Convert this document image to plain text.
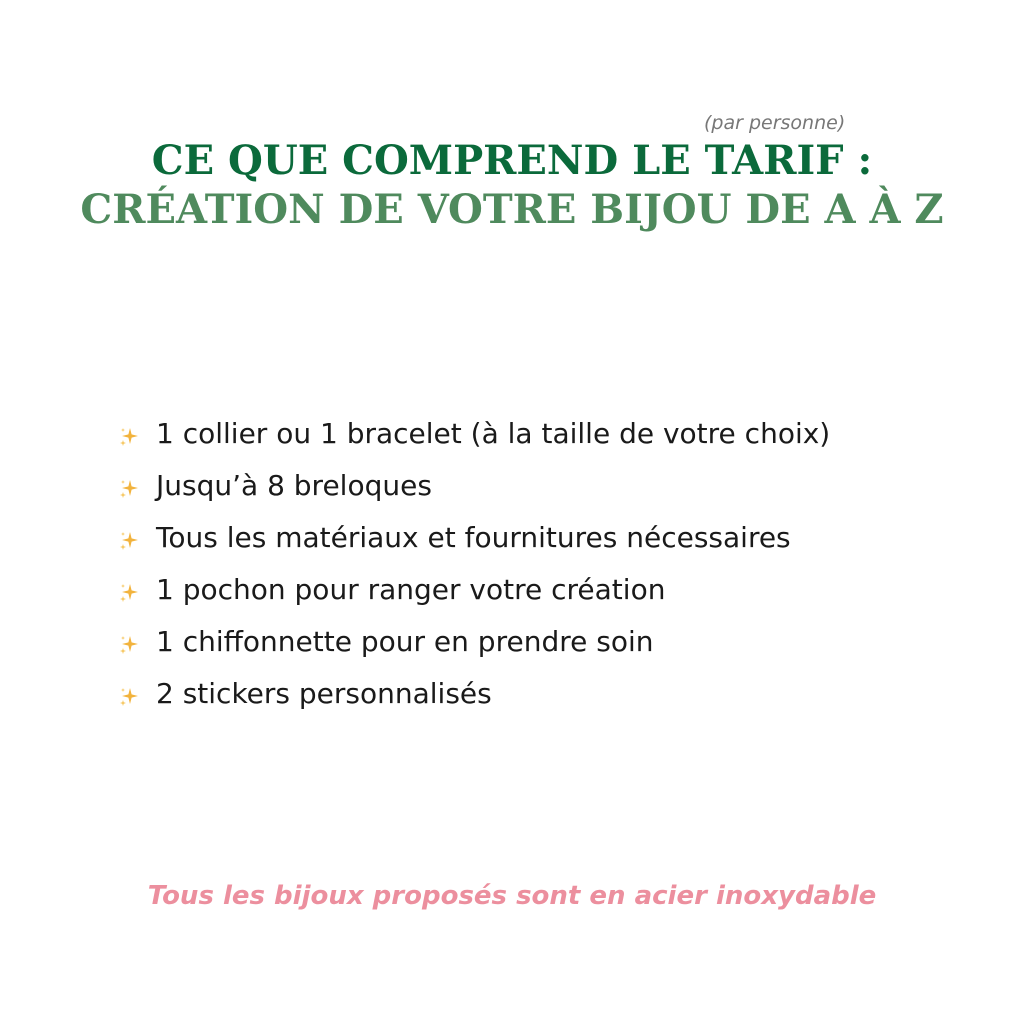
(par personne)
CE QUE COMPREND LE TARIF :
CRÉATION DE VOTRE BIJOU DE A À Z
1 collier ou 1 bracelet (à la taille de votre choix)
Jusqu’à 8 breloques
Tous les matériaux et fournitures nécessaires
1 pochon pour ranger votre création
1 chiffonnette pour en prendre soin
2 stickers personnalisés
Tous les bijoux proposés sont en acier inoxydable
